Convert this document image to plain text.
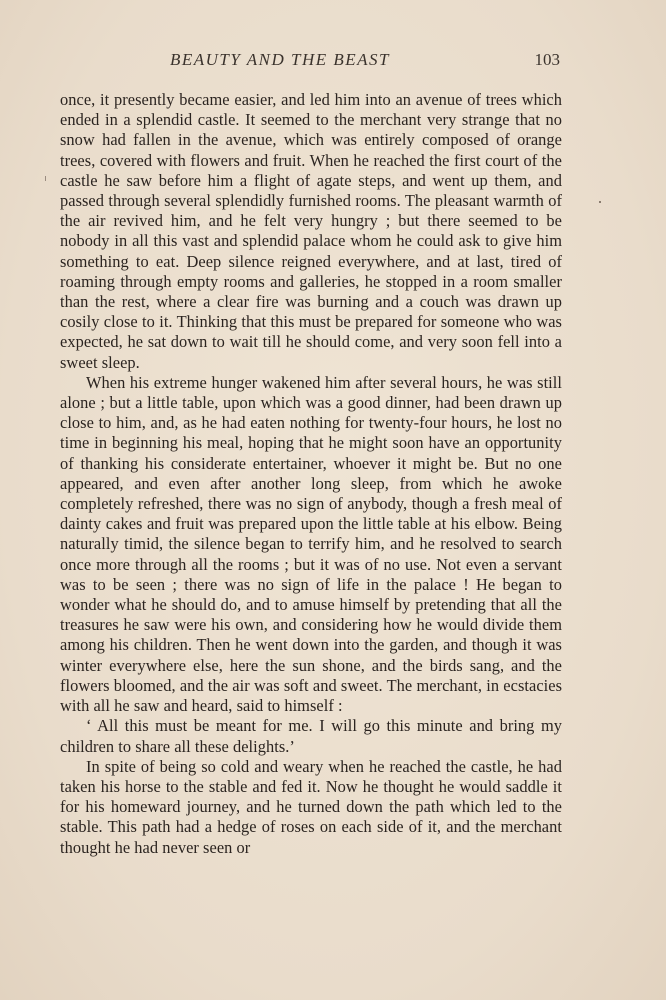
BEAUTY AND THE BEAST	103

once, it presently became easier, and led him into an avenue of trees which ended in a splendid castle. It seemed to the merchant very strange that no snow had fallen in the avenue, which was entirely composed of orange trees, covered with flowers and fruit. When he reached the first court of the castle he saw before him a flight of agate steps, and went up them, and passed through several splendidly furnished rooms. The pleasant warmth of the air revived him, and he felt very hungry ; but there seemed to be nobody in all this vast and splendid palace whom he could ask to give him something to eat. Deep silence reigned everywhere, and at last, tired of roaming through empty rooms and galleries, he stopped in a room smaller than the rest, where a clear fire was burning and a couch was drawn up cosily close to it. Thinking that this must be prepared for someone who was expected, he sat down to wait till he should come, and very soon fell into a sweet sleep.

When his extreme hunger wakened him after several hours, he was still alone ; but a little table, upon which was a good dinner, had been drawn up close to him, and, as he had eaten nothing for twenty-four hours, he lost no time in beginning his meal, hoping that he might soon have an opportunity of thanking his considerate entertainer, whoever it might be. But no one appeared, and even after another long sleep, from which he awoke completely refreshed, there was no sign of anybody, though a fresh meal of dainty cakes and fruit was prepared upon the little table at his elbow. Being naturally timid, the silence began to terrify him, and he resolved to search once more through all the rooms ; but it was of no use. Not even a servant was to be seen ; there was no sign of life in the palace ! He began to wonder what he should do, and to amuse himself by pretending that all the treasures he saw were his own, and considering how he would divide them among his children. Then he went down into the garden, and though it was winter everywhere else, here the sun shone, and the birds sang, and the flowers bloomed, and the air was soft and sweet. The merchant, in ecstacies with all he saw and heard, said to himself :

‘ All this must be meant for me. I will go this minute and bring my children to share all these delights.’

In spite of being so cold and weary when he reached the castle, he had taken his horse to the stable and fed it. Now he thought he would saddle it for his homeward journey, and he turned down the path which led to the stable. This path had a hedge of roses on each side of it, and the merchant thought he had never seen or
